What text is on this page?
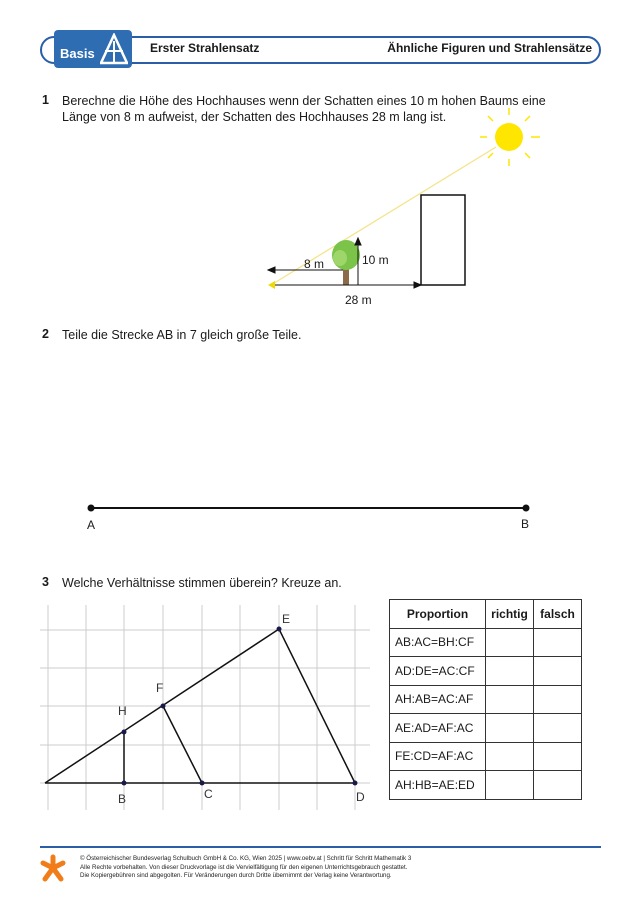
Basis	Erster Strahlensatz	Ähnliche Figuren und Strahlensätze
1 Berechne die Höhe des Hochhauses wenn der Schatten eines 10 m hohen Baums eine
Länge von 8 m aufweist, der Schatten des Hochhauses 28 m lang ist.
8 m	10 m
28 m
2 Teile die Strecke AB in 7 gleich große Teile.
A	B
3 Welche Verhältnisse stimmen überein? Kreuze an.
E
F
H
B	C	D
Proportion	richtig	falsch
AB:AC=BH:CF		
AD:DE=AC:CF		
AH:AB=AC:AF		
AE:AD=AF:AC		
FE:CD=AF:AC		
AH:HB=AE:ED		
© Österreichischer Bundesverlag Schulbuch GmbH & Co. KG, Wien 2025 | www.oebv.at | Schritt für Schritt Mathematik 3
Alle Rechte vorbehalten. Von dieser Druckvorlage ist die Vervielfältigung für den eigenen Unterrichtsgebrauch gestattet.
Die Kopiergebühren sind abgegolten. Für Veränderungen durch Dritte übernimmt der Verlag keine Verantwortung.
